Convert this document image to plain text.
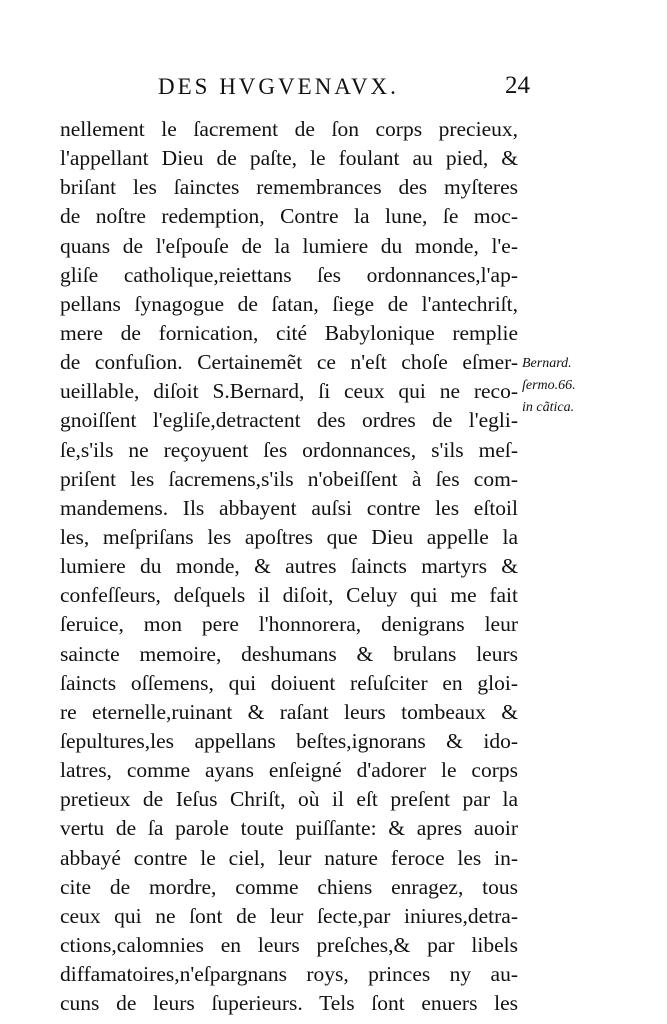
DES HVGVENAVX.	24
nellement le ſacrement de ſon corps precieux,
l'appellant Dieu de paſte, le foulant au pied, &
briſant les ſainctes remembrances des myſteres
de noſtre redemption, Contre la lune, ſe moc-
quans de l'eſpouſe de la lumiere du monde, l'e-
gliſe catholique,reiettans ſes ordonnances,l'ap-
pellans ſynagogue de ſatan, ſiege de l'antechriſt,
mere de fornication, cité Babylonique remplie
de confuſion. Certainemẽt ce n'eſt choſe eſmer-
ueillable, diſoit S.Bernard, ſi ceux qui ne reco-
gnoiſſent l'egliſe,detractent des ordres de l'egli-
ſe,s'ils ne reçoyuent ſes ordonnances, s'ils meſ-
priſent les ſacremens,s'ils n'obeiſſent à ſes com-
mandemens. Ils abbayent auſsi contre les eſtoil
les, meſpriſans les apoſtres que Dieu appelle la
lumiere du monde, & autres ſaincts martyrs &
confeſſeurs, deſquels il diſoit, Celuy qui me fait
ſeruice, mon pere l'honnorera, denigrans leur
saincte memoire, deshumans & brulans leurs
ſaincts oſſemens, qui doiuent reſuſciter en gloi-
re eternelle,ruinant & raſant leurs tombeaux &
ſepultures,les appellans beſtes,ignorans & ido-
latres, comme ayans enſeigné d'adorer le corps
pretieux de Ieſus Chriſt, où il eſt preſent par la
vertu de ſa parole toute puiſſante: & apres auoir
abbayé contre le ciel, leur nature feroce les in-
cite de mordre, comme chiens enragez, tous
ceux qui ne ſont de leur ſecte,par iniures,detra-
ctions,calomnies en leurs preſches,& par libels
diffamatoires,n'eſpargnans roys, princes ny au-
cuns de leurs ſuperieurs. Tels ſont enuers les
Bernard.
ſermo.66.
in cãtica.
